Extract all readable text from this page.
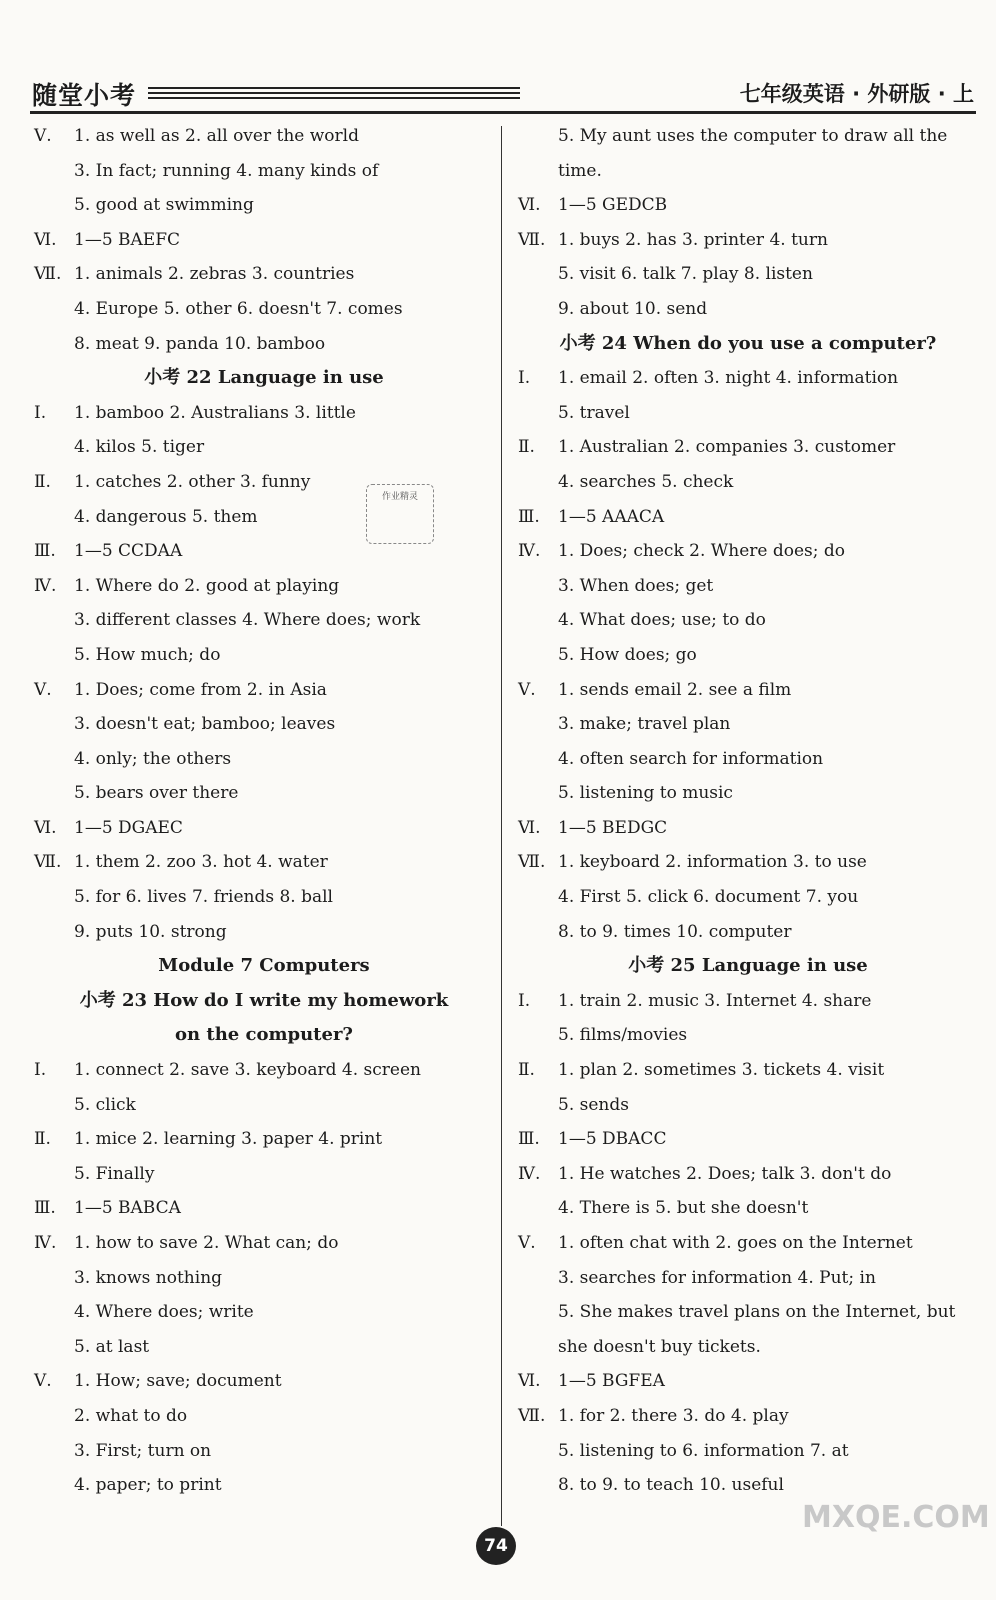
随堂小考	七年级英语 · 外研版 · 上
Ⅴ. 1. as well as 2. all over the world
3. In fact; running 4. many kinds of
5. good at swimming
Ⅵ. 1—5 BAEFC
Ⅶ. 1. animals 2. zebras 3. countries
4. Europe 5. other 6. doesn't 7. comes
8. meat 9. panda 10. bamboo
小考 22 Language in use
Ⅰ. 1. bamboo 2. Australians 3. little
4. kilos 5. tiger
Ⅱ. 1. catches 2. other 3. funny
4. dangerous 5. them
Ⅲ. 1—5 CCDAA
Ⅳ. 1. Where do 2. good at playing
3. different classes 4. Where does; work
5. How much; do
Ⅴ. 1. Does; come from 2. in Asia
3. doesn't eat; bamboo; leaves
4. only; the others
5. bears over there
Ⅵ. 1—5 DGAEC
Ⅶ. 1. them 2. zoo 3. hot 4. water
5. for 6. lives 7. friends 8. ball
9. puts 10. strong
Module 7 Computers
小考 23 How do I write my homework
on the computer?
Ⅰ. 1. connect 2. save 3. keyboard 4. screen
5. click
Ⅱ. 1. mice 2. learning 3. paper 4. print
5. Finally
Ⅲ. 1—5 BABCA
Ⅳ. 1. how to save 2. What can; do
3. knows nothing
4. Where does; write
5. at last
Ⅴ. 1. How; save; document
2. what to do
3. First; turn on
4. paper; to print
5. My aunt uses the computer to draw all the
time.
Ⅵ. 1—5 GEDCB
Ⅶ. 1. buys 2. has 3. printer 4. turn
5. visit 6. talk 7. play 8. listen
9. about 10. send
小考 24 When do you use a computer?
Ⅰ. 1. email 2. often 3. night 4. information
5. travel
Ⅱ. 1. Australian 2. companies 3. customer
4. searches 5. check
Ⅲ. 1—5 AAACA
Ⅳ. 1. Does; check 2. Where does; do
3. When does; get
4. What does; use; to do
5. How does; go
Ⅴ. 1. sends email 2. see a film
3. make; travel plan
4. often search for information
5. listening to music
Ⅵ. 1—5 BEDGC
Ⅶ. 1. keyboard 2. information 3. to use
4. First 5. click 6. document 7. you
8. to 9. times 10. computer
小考 25 Language in use
Ⅰ. 1. train 2. music 3. Internet 4. share
5. films/movies
Ⅱ. 1. plan 2. sometimes 3. tickets 4. visit
5. sends
Ⅲ. 1—5 DBACC
Ⅳ. 1. He watches 2. Does; talk 3. don't do
4. There is 5. but she doesn't
Ⅴ. 1. often chat with 2. goes on the Internet
3. searches for information 4. Put; in
5. She makes travel plans on the Internet, but
she doesn't buy tickets.
Ⅵ. 1—5 BGFEA
Ⅶ. 1. for 2. there 3. do 4. play
5. listening to 6. information 7. at
8. to 9. to teach 10. useful
作业精灵
74
MXQE.COM
